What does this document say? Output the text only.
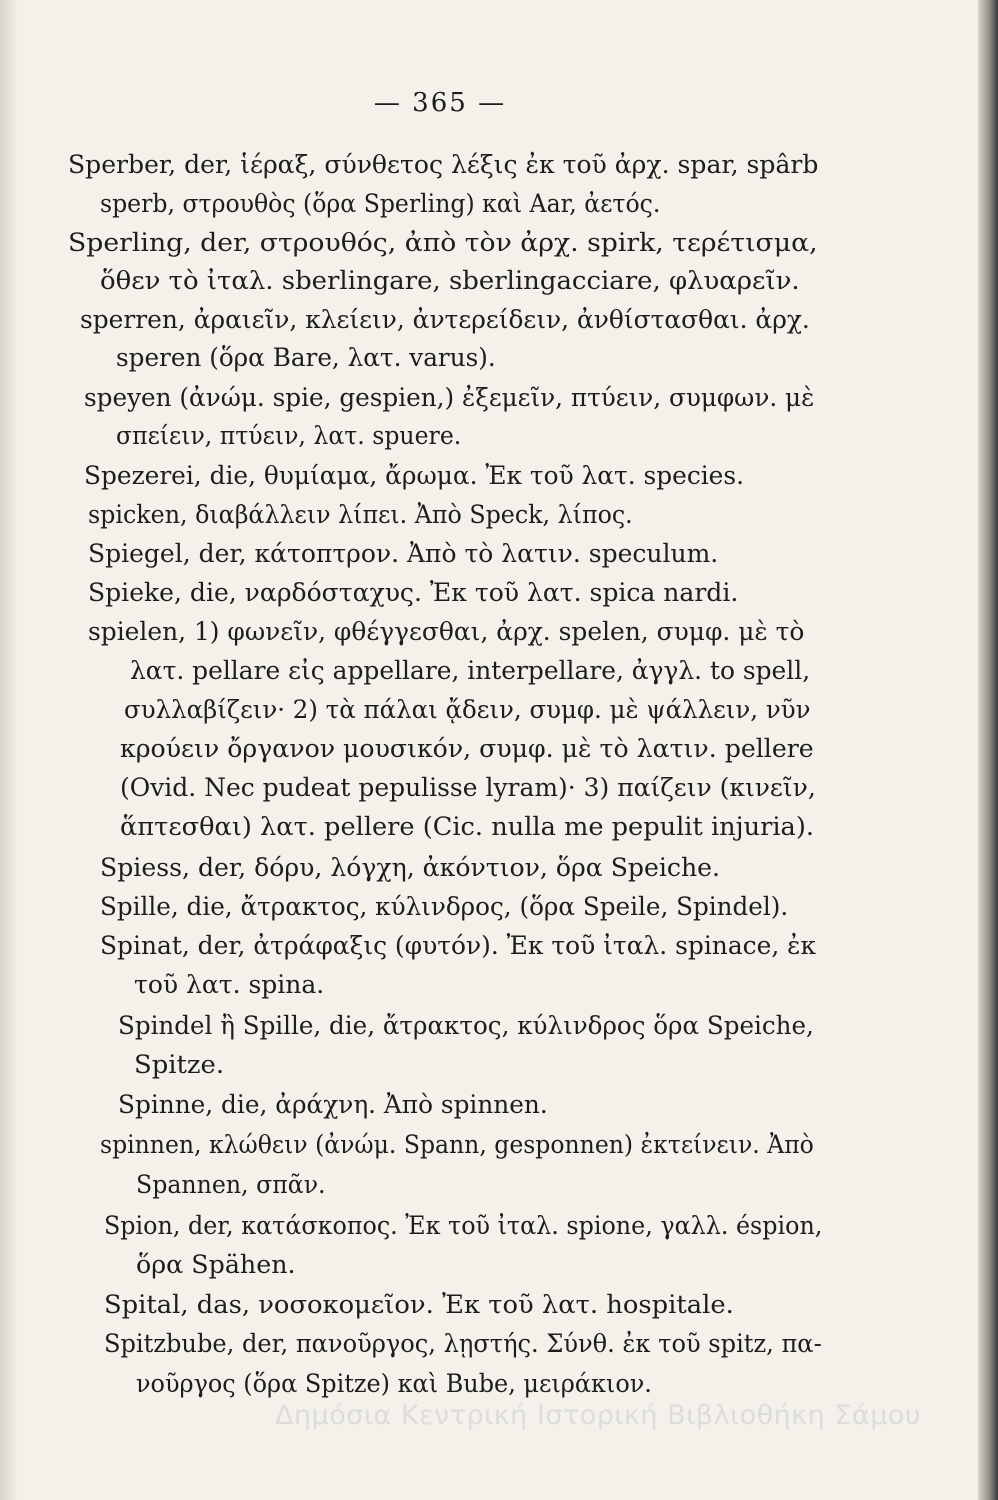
— 365 —
Sperber, der, ἱέραξ, σύνθετος λέξις ἐκ τοῦ ἀρχ. spar, spârb
sperb, στρουθὸς (ὅρα Sperling) καὶ Aar, ἀετός.
Sperling, der, στρουθός, ἀπὸ τὸν ἀρχ. spirk, τερέτισμα,
ὅθεν τὸ ἰταλ. sberlingare, sberlingacciare, φλυαρεῖν.
sperren, ἀραιεῖν, κλείειν, ἀντερείδειν, ἀνθίστασθαι. ἀρχ.
speren (ὅρα Bare, λατ. varus).
speyen (ἀνώμ. spie, gespien,) ἐξεμεῖν, πτύειν, συμφων. μὲ
σπείειν, πτύειν, λατ. spuere.
Spezerei, die, θυμίαμα, ἄρωμα. Ἐκ τοῦ λατ. species.
spicken, διαβάλλειν λίπει. Ἀπὸ Speck, λίπος.
Spiegel, der, κάτοπτρον. Ἀπὸ τὸ λατιν. speculum.
Spieke, die, ναρδόσταχυς. Ἐκ τοῦ λατ. spica nardi.
spielen, 1) φωνεῖν, φθέγγεσθαι, ἀρχ. spelen, συμφ. μὲ τὸ
λατ. pellare εἰς appellare, interpellare, ἀγγλ. to spell,
συλλαβίζειν· 2) τὰ πάλαι ᾄδειν, συμφ. μὲ ψάλλειν, νῦν
κρούειν ὄργανον μουσικόν, συμφ. μὲ τὸ λατιν. pellere
(Ovid. Nec pudeat pepulisse lyram)· 3) παίζειν (κινεῖν,
ἅπτεσθαι) λατ. pellere (Cic. nulla me pepulit injuria).
Spiess, der, δόρυ, λόγχη, ἀκόντιον, ὅρα Speiche.
Spille, die, ἄτρακτος, κύλινδρος, (ὅρα Speile, Spindel).
Spinat, der, ἀτράφαξις (φυτόν). Ἐκ τοῦ ἰταλ. spinace, ἐκ
τοῦ λατ. spina.
Spindel ἢ Spille, die, ἄτρακτος, κύλινδρος ὅρα Speiche,
Spitze.
Spinne, die, ἀράχνη. Ἀπὸ spinnen.
spinnen, κλώθειν (ἀνώμ. Spann, gesponnen) ἐκτείνειν. Ἀπὸ
Spannen, σπᾶν.
Spion, der, κατάσκοπος. Ἐκ τοῦ ἰταλ. spione, γαλλ. éspion,
ὅρα Spähen.
Spital, das, νοσοκομεῖον. Ἐκ τοῦ λατ. hospitale.
Spitzbube, der, πανοῦργος, λῃστής. Σύνθ. ἐκ τοῦ spitz, πα-
νοῦργος (ὅρα Spitze) καὶ Bube, μειράκιον.
Δημόσια Κεντρική Ιστορική Βιβλιοθήκη Σάμου
